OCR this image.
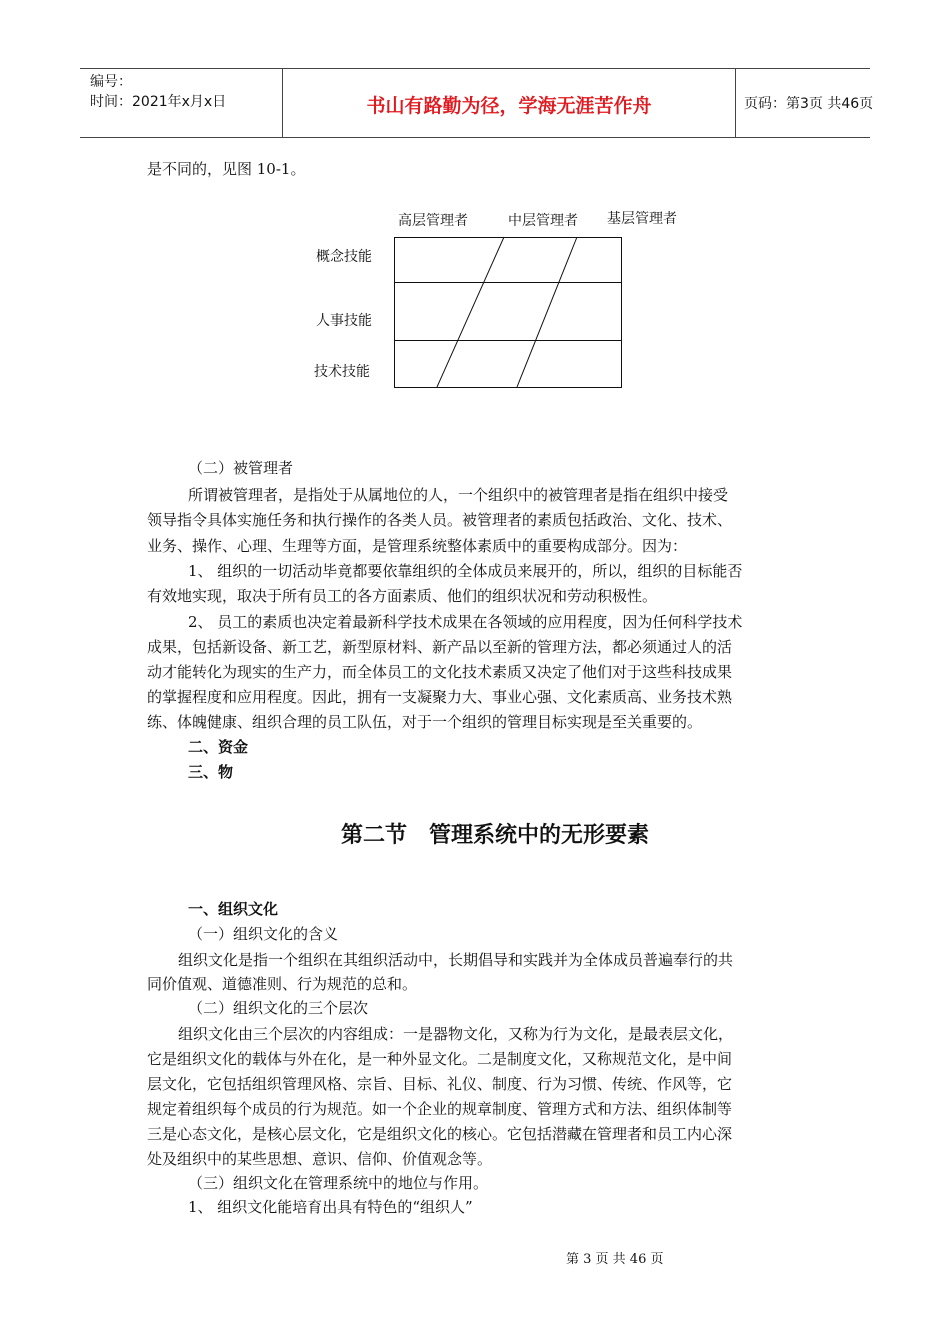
编号：
时间：2021年x月x日	书山有路勤为径，学海无涯苦作舟	页码：第3页 共46页
是不同的，见图 10-1。
高层管理者	中层管理者 基层管理者
概念技能
人事技能
技术技能
（二）被管理者
所谓被管理者，是指处于从属地位的人，一个组织中的被管理者是指在组织中接受
领导指令具体实施任务和执行操作的各类人员。被管理者的素质包括政治、文化、技术、
业务、操作、心理、生理等方面，是管理系统整体素质中的重要构成部分。因为：
1、 组织的一切活动毕竟都要依靠组织的全体成员来展开的，所以，组织的目标能否
有效地实现，取决于所有员工的各方面素质、他们的组织状况和劳动积极性。
2、 员工的素质也决定着最新科学技术成果在各领域的应用程度，因为任何科学技术
成果，包括新设备、新工艺，新型原材料、新产品以至新的管理方法，都必须通过人的活
动才能转化为现实的生产力，而全体员工的文化技术素质又决定了他们对于这些科技成果
的掌握程度和应用程度。因此，拥有一支凝聚力大、事业心强、文化素质高、业务技术熟
练、体魄健康、组织合理的员工队伍，对于一个组织的管理目标实现是至关重要的。
二、资金
三、物
第二节　管理系统中的无形要素
一、组织文化
（一）组织文化的含义
组织文化是指一个组织在其组织活动中，长期倡导和实践并为全体成员普遍奉行的共
同价值观、道德准则、行为规范的总和。
（二）组织文化的三个层次
组织文化由三个层次的内容组成：一是器物文化，又称为行为文化，是最表层文化，
它是组织文化的载体与外在化，是一种外显文化。二是制度文化，又称规范文化，是中间
层文化，它包括组织管理风格、宗旨、目标、礼仪、制度、行为习惯、传统、作风等，它
规定着组织每个成员的行为规范。如一个企业的规章制度、管理方式和方法、组织体制等
三是心态文化，是核心层文化，它是组织文化的核心。它包括潜藏在管理者和员工内心深
处及组织中的某些思想、意识、信仰、价值观念等。
（三）组织文化在管理系统中的地位与作用。
1、 组织文化能培育出具有特色的“组织人”
第 3 页 共 46 页
